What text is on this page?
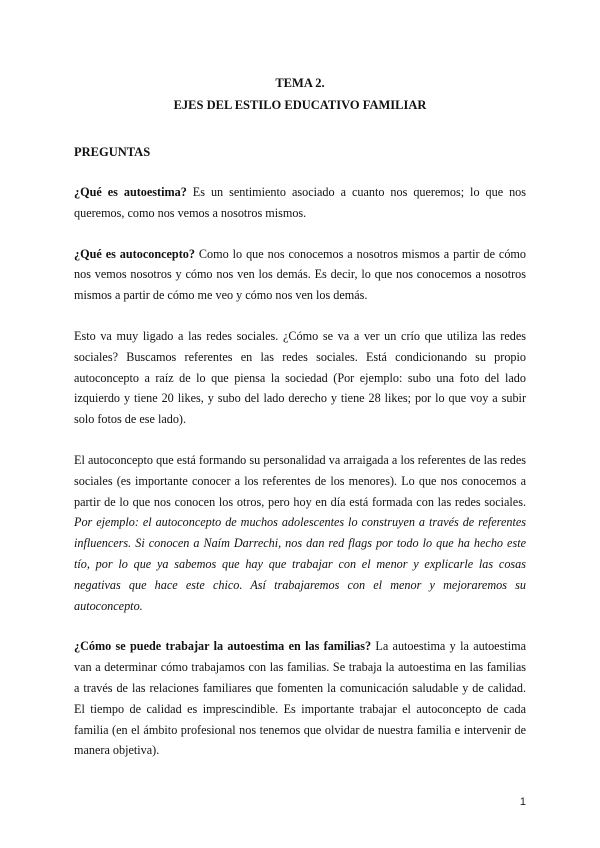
TEMA 2.
EJES DEL ESTILO EDUCATIVO FAMILIAR
PREGUNTAS

¿Qué es autoestima? Es un sentimiento asociado a cuanto nos queremos; lo que nos queremos, como nos vemos a nosotros mismos.

¿Qué es autoconcepto? Como lo que nos conocemos a nosotros mismos a partir de cómo nos vemos nosotros y cómo nos ven los demás. Es decir, lo que nos conocemos a nosotros mismos a partir de cómo me veo y cómo nos ven los demás.

Esto va muy ligado a las redes sociales. ¿Cómo se va a ver un crío que utiliza las redes sociales? Buscamos referentes en las redes sociales. Está condicionando su propio autoconcepto a raíz de lo que piensa la sociedad (Por ejemplo: subo una foto del lado izquierdo y tiene 20 likes, y subo del lado derecho y tiene 28 likes; por lo que voy a subir solo fotos de ese lado).

El autoconcepto que está formando su personalidad va arraigada a los referentes de las redes sociales (es importante conocer a los referentes de los menores). Lo que nos conocemos a partir de lo que nos conocen los otros, pero hoy en día está formada con las redes sociales. Por ejemplo: el autoconcepto de muchos adolescentes lo construyen a través de referentes influencers. Si conocen a Naím Darrechi, nos dan red flags por todo lo que ha hecho este tío, por lo que ya sabemos que hay que trabajar con el menor y explicarle las cosas negativas que hace este chico. Así trabajaremos con el menor y mejoraremos su autoconcepto.

¿Cómo se puede trabajar la autoestima en las familias? La autoestima y la autoestima van a determinar cómo trabajamos con las familias. Se trabaja la autoestima en las familias a través de las relaciones familiares que fomenten la comunicación saludable y de calidad. El tiempo de calidad es imprescindible. Es importante trabajar el autoconcepto de cada familia (en el ámbito profesional nos tenemos que olvidar de nuestra familia e intervenir de manera objetiva).

1
